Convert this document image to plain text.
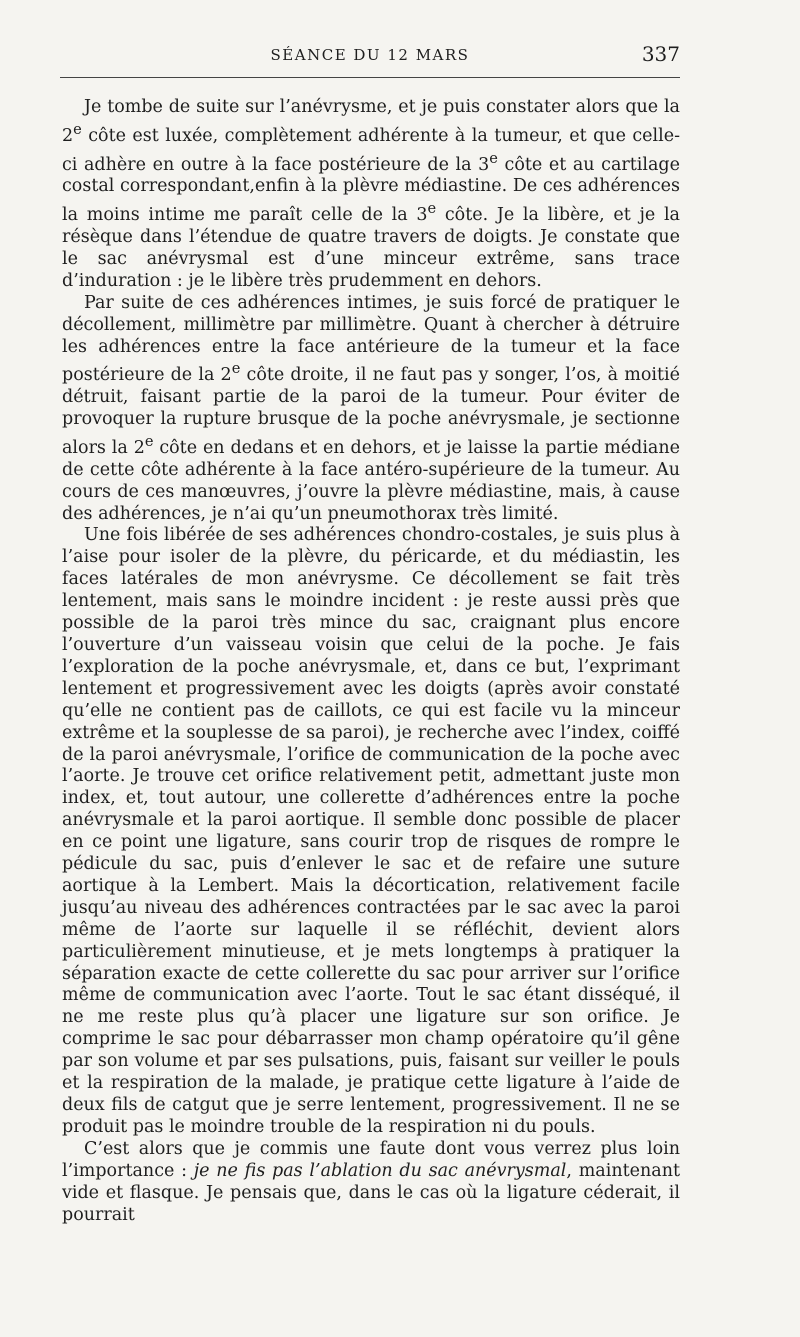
SÉANCE DU 12 MARS	337

Je tombe de suite sur l’anévrysme, et je puis constater alors que la 2e côte est luxée, complètement adhérente à la tumeur, et que celle-ci adhère en outre à la face postérieure de la 3e côte et au cartilage costal correspondant,enfin à la plèvre médiastine. De ces adhérences la moins intime me paraît celle de la 3e côte. Je la libère, et je la résèque dans l’étendue de quatre travers de doigts. Je constate que le sac anévrysmal est d’une minceur extrême, sans trace d’induration : je le libère très prudemment en dehors.

Par suite de ces adhérences intimes, je suis forcé de pratiquer le décollement, millimètre par millimètre. Quant à chercher à détruire les adhérences entre la face antérieure de la tumeur et la face postérieure de la 2e côte droite, il ne faut pas y songer, l’os, à moitié détruit, faisant partie de la paroi de la tumeur. Pour éviter de provoquer la rupture brusque de la poche anévrysmale, je sectionne alors la 2e côte en dedans et en dehors, et je laisse la partie médiane de cette côte adhérente à la face antéro-supérieure de la tumeur. Au cours de ces manœuvres, j’ouvre la plèvre médiastine, mais, à cause des adhérences, je n’ai qu’un pneumothorax très limité.

Une fois libérée de ses adhérences chondro-costales, je suis plus à l’aise pour isoler de la plèvre, du péricarde, et du médiastin, les faces latérales de mon anévrysme. Ce décollement se fait très lentement, mais sans le moindre incident : je reste aussi près que possible de la paroi très mince du sac, craignant plus encore l’ouverture d’un vaisseau voisin que celui de la poche. Je fais l’exploration de la poche anévrysmale, et, dans ce but, l’exprimant lentement et progressivement avec les doigts (après avoir constaté qu’elle ne contient pas de caillots, ce qui est facile vu la minceur extrême et la souplesse de sa paroi), je recherche avec l’index, coiffé de la paroi anévrysmale, l’orifice de communication de la poche avec l’aorte. Je trouve cet orifice relativement petit, admettant juste mon index, et, tout autour, une collerette d’adhérences entre la poche anévrysmale et la paroi aortique. Il semble donc possible de placer en ce point une ligature, sans courir trop de risques de rompre le pédicule du sac, puis d’enlever le sac et de refaire une suture aortique à la Lembert. Mais la décortication, relativement facile jusqu’au niveau des adhérences contractées par le sac avec la paroi même de l’aorte sur laquelle il se réfléchit, devient alors particulièrement minutieuse, et je mets longtemps à pratiquer la séparation exacte de cette collerette du sac pour arriver sur l’orifice même de communication avec l’aorte. Tout le sac étant disséqué, il ne me reste plus qu’à placer une ligature sur son orifice. Je comprime le sac pour débarrasser mon champ opératoire qu’il gêne par son volume et par ses pulsations, puis, faisant sur veiller le pouls et la respiration de la malade, je pratique cette ligature à l’aide de deux fils de catgut que je serre lentement, progressivement. Il ne se produit pas le moindre trouble de la respiration ni du pouls.

C’est alors que je commis une faute dont vous verrez plus loin l’importance : je ne fis pas l’ablation du sac anévrysmal, maintenant vide et flasque. Je pensais que, dans le cas où la ligature céderait, il pourrait
